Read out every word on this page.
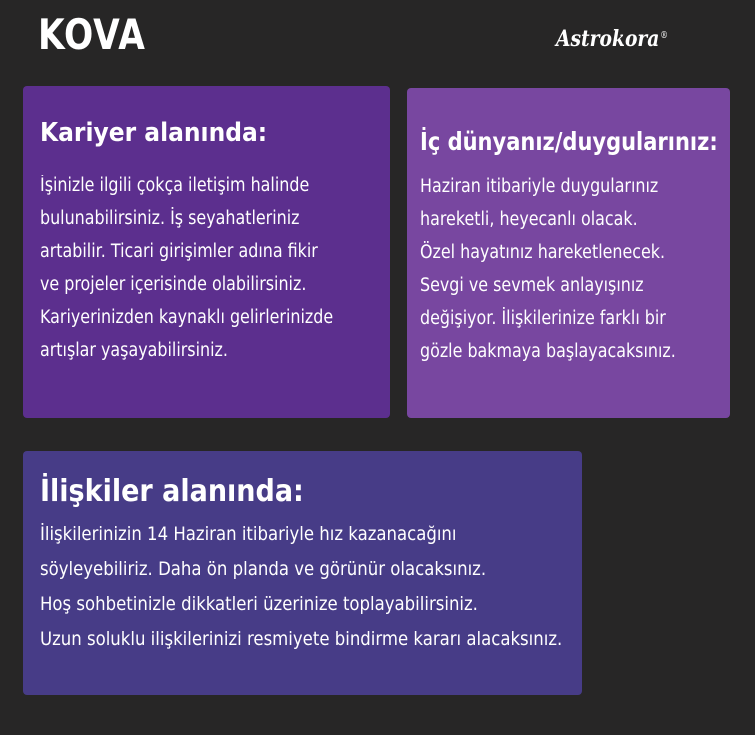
KOVA	Astrokora®
Kariyer alanında:
İşinizle ilgili çokça iletişim halinde
bulunabilirsiniz. İş seyahatleriniz
artabilir. Ticari girişimler adına fikir
ve projeler içerisinde olabilirsiniz.
Kariyerinizden kaynaklı gelirlerinizde
artışlar yaşayabilirsiniz.
İç dünyanız/duygularınız:
Haziran itibariyle duygularınız
hareketli, heyecanlı olacak.
Özel hayatınız hareketlenecek.
Sevgi ve sevmek anlayışınız
değişiyor. İlişkilerinize farklı bir
gözle bakmaya başlayacaksınız.
İlişkiler alanında:
İlişkilerinizin 14 Haziran itibariyle hız kazanacağını
söyleyebiliriz. Daha ön planda ve görünür olacaksınız.
Hoş sohbetinizle dikkatleri üzerinize toplayabilirsiniz.
Uzun soluklu ilişkilerinizi resmiyete bindirme kararı alacaksınız.
